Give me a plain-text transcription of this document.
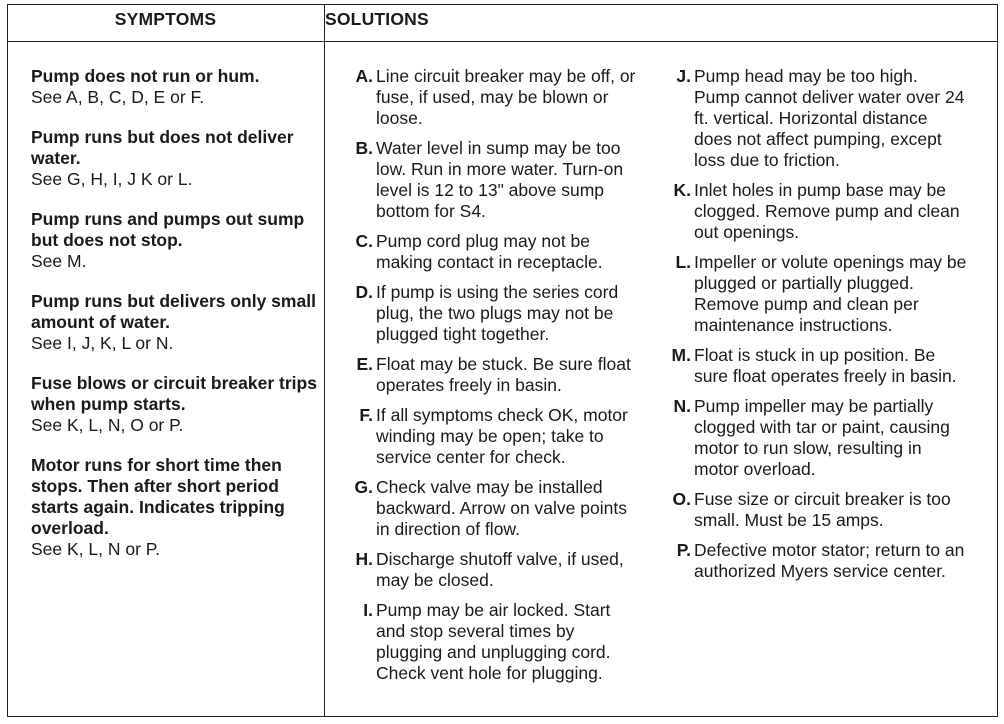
SYMPTOMS	SOLUTIONS
Pump does not run or hum.
See A, B, C, D, E or F.
Pump runs but does not deliver water.
See G, H, I, J K or L.
Pump runs and pumps out sump but does not stop.
See M.
Pump runs but delivers only small amount of water.
See I, J, K, L or N.
Fuse blows or circuit breaker trips when pump starts.
See K, L, N, O or P.
Motor runs for short time then stops. Then after short period starts again. Indicates tripping overload.
See K, L, N or P.
A. Line circuit breaker may be off, or fuse, if used, may be blown or loose.
B. Water level in sump may be too low. Run in more water. Turn-on level is 12 to 13" above sump bottom for S4.
C. Pump cord plug may not be making contact in receptacle.
D. If pump is using the series cord plug, the two plugs may not be plugged tight together.
E. Float may be stuck. Be sure float operates freely in basin.
F. If all symptoms check OK, motor winding may be open; take to service center for check.
G. Check valve may be installed backward. Arrow on valve points in direction of flow.
H. Discharge shutoff valve, if used, may be closed.
I. Pump may be air locked. Start and stop several times by plugging and unplugging cord. Check vent hole for plugging.
J. Pump head may be too high. Pump cannot deliver water over 24 ft. vertical. Horizontal distance does not affect pumping, except loss due to friction.
K. Inlet holes in pump base may be clogged. Remove pump and clean out openings.
L. Impeller or volute openings may be plugged or partially plugged. Remove pump and clean per maintenance instructions.
M. Float is stuck in up position. Be sure float operates freely in basin.
N. Pump impeller may be partially clogged with tar or paint, causing motor to run slow, resulting in motor overload.
O. Fuse size or circuit breaker is too small. Must be 15 amps.
P. Defective motor stator; return to an authorized Myers service center.
